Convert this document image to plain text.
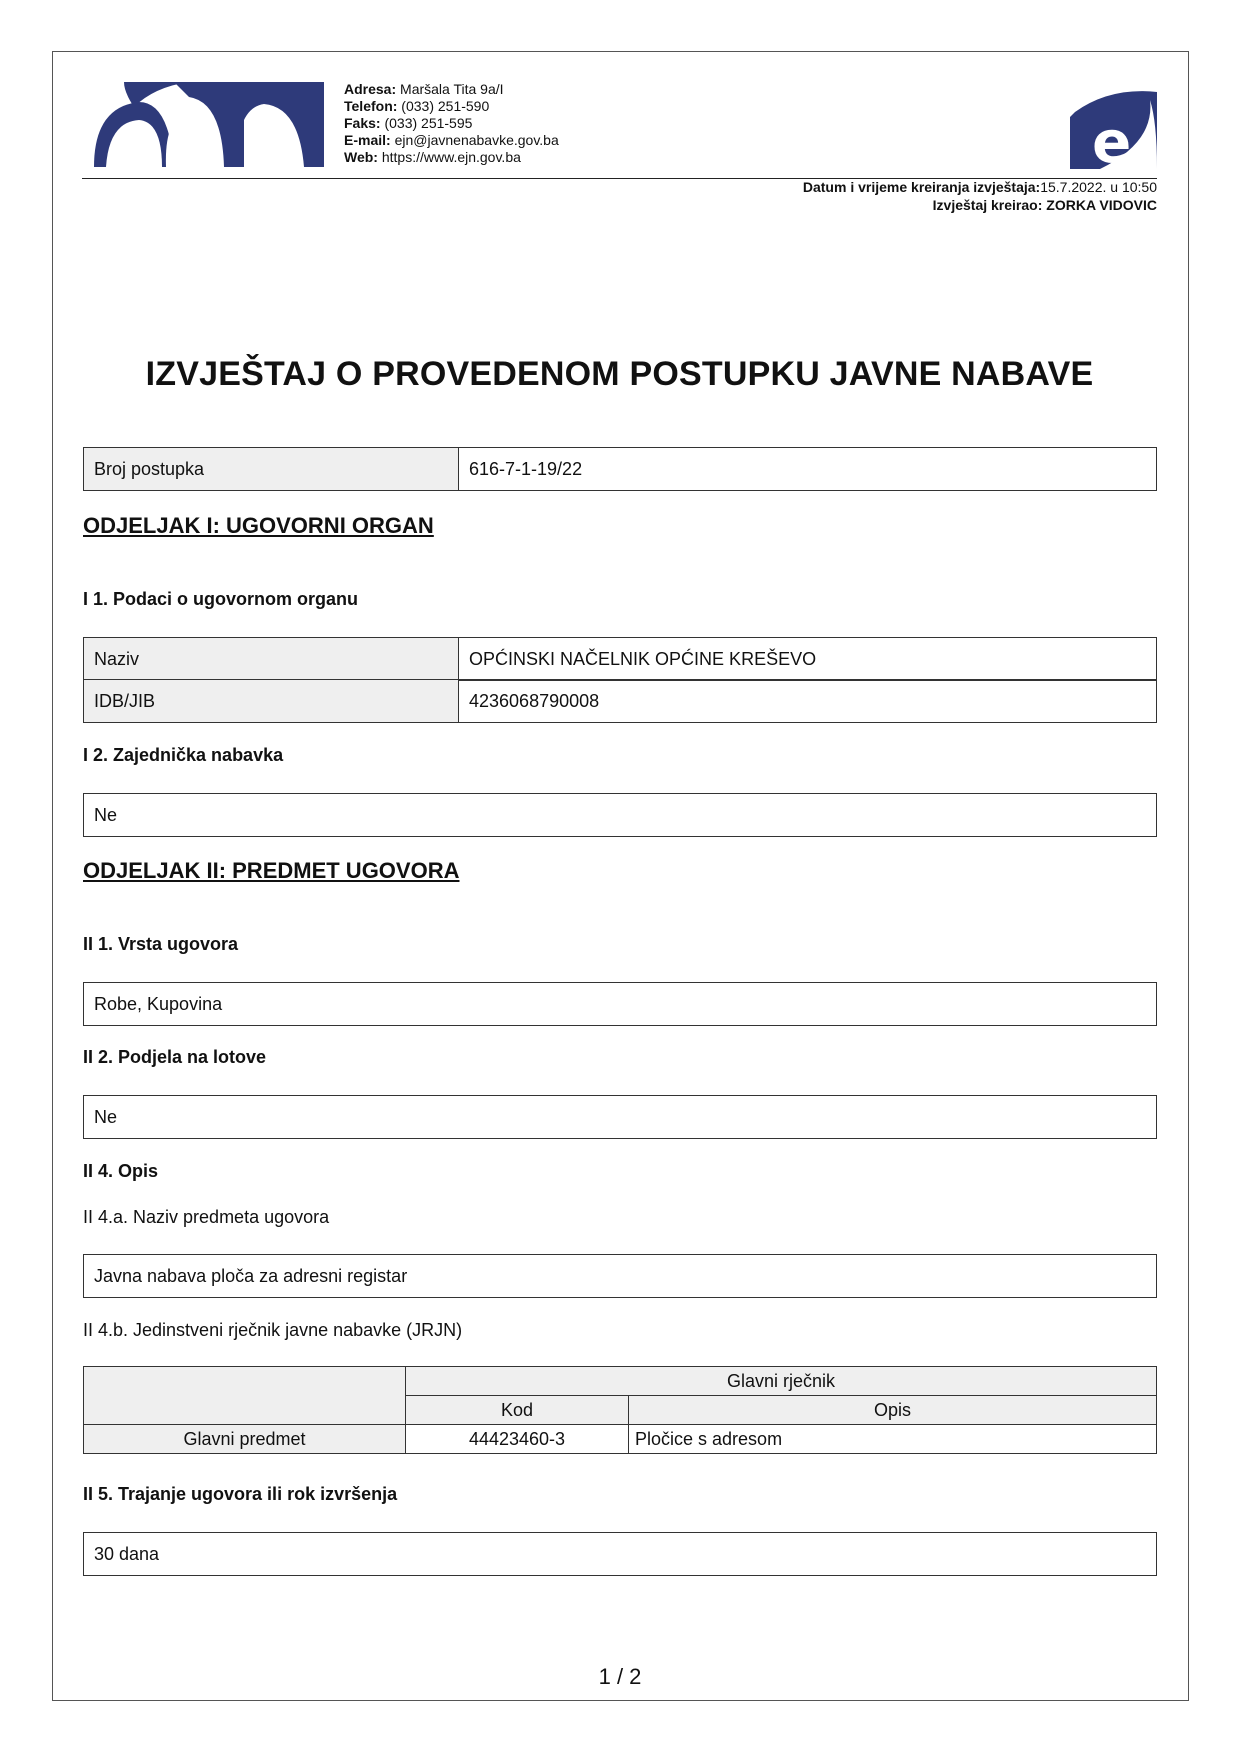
Adresa: Maršala Tita 9a/I
Telefon: (033) 251-590
Faks: (033) 251-595
E-mail: ejn@javnenabavke.gov.ba
Web: https://www.ejn.gov.ba	e
Datum i vrijeme kreiranja izvještaja:15.7.2022. u 10:50
Izvještaj kreirao: ZORKA VIDOVIC
IZVJEŠTAJ O PROVEDENOM POSTUPKU JAVNE NABAVE
Broj postupka	616-7-1-19/22
ODJELJAK I: UGOVORNI ORGAN
I 1. Podaci o ugovornom organu
Naziv	OPĆINSKI NAČELNIK OPĆINE KREŠEVO
IDB/JIB	4236068790008
I 2. Zajednička nabavka
Ne
ODJELJAK II: PREDMET UGOVORA
II 1. Vrsta ugovora
Robe, Kupovina
II 2. Podjela na lotove
Ne
II 4. Opis
II 4.a. Naziv predmeta ugovora
Javna nabava ploča za adresni registar
II 4.b. Jedinstveni rječnik javne nabavke (JRJN)
	Glavni rječnik	
	Kod	Opis
Glavni predmet	44423460-3	Pločice s adresom
II 5. Trajanje ugovora ili rok izvršenja
30 dana
1 / 2
